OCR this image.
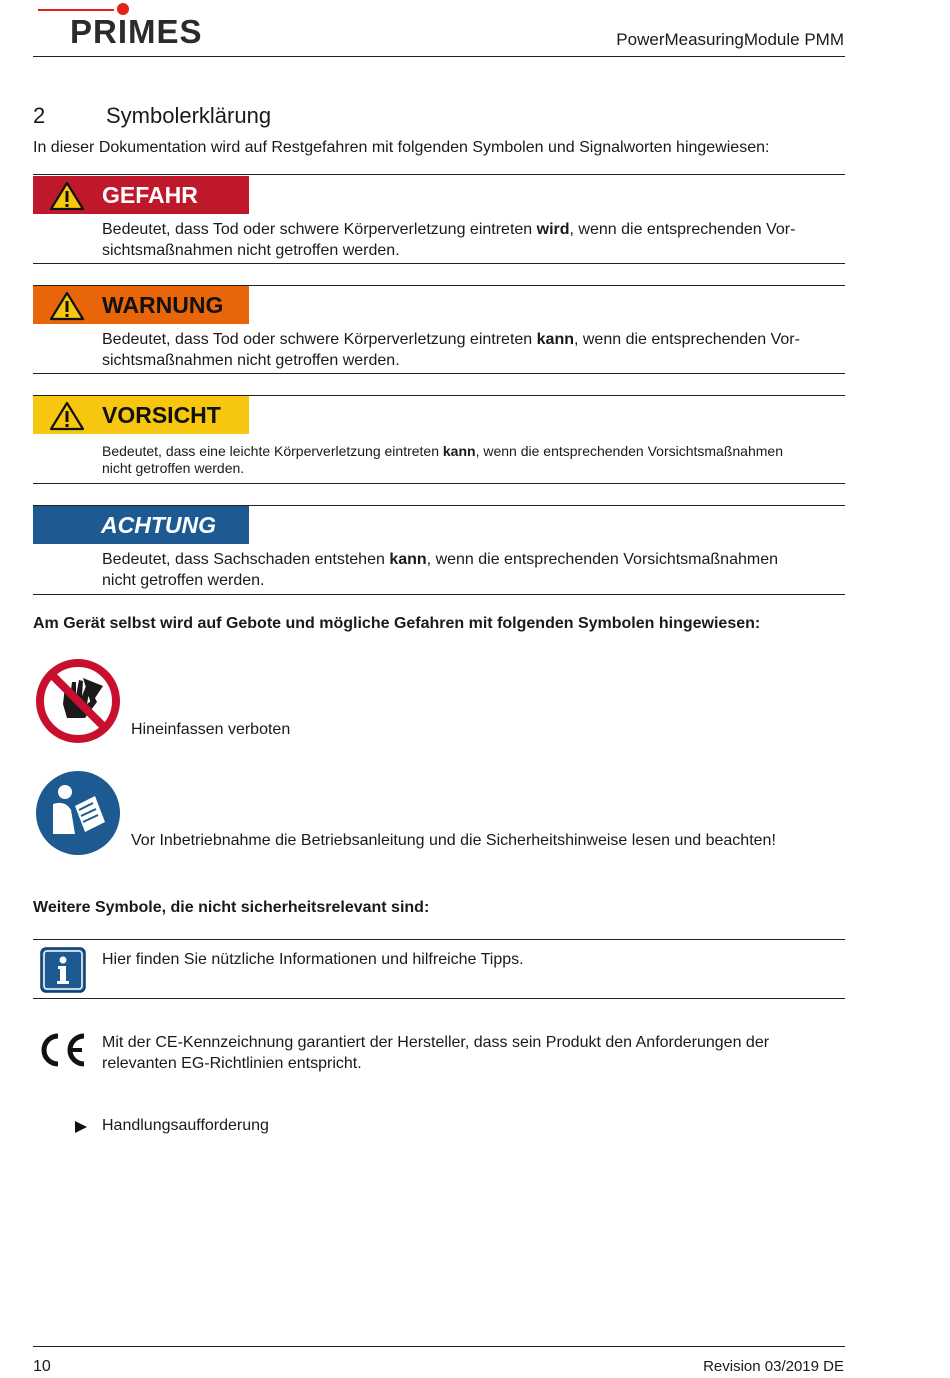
PRIMES	PowerMeasuringModule PMM
2	Symbolerklärung
In dieser Dokumentation wird auf Restgefahren mit folgenden Symbolen und Signalworten hingewiesen:
GEFAHR
Bedeutet, dass Tod oder schwere Körperverletzung eintreten wird, wenn die entsprechenden Vor-
sichtsmaßnahmen nicht getroffen werden.
WARNUNG
Bedeutet, dass Tod oder schwere Körperverletzung eintreten kann, wenn die entsprechenden Vor-
sichtsmaßnahmen nicht getroffen werden.
VORSICHT
Bedeutet, dass eine leichte Körperverletzung eintreten kann, wenn die entsprechenden Vorsichtsmaßnahmen
nicht getroffen werden.
ACHTUNG
Bedeutet, dass Sachschaden entstehen kann, wenn die entsprechenden Vorsichtsmaßnahmen
nicht getroffen werden.
Am Gerät selbst wird auf Gebote und mögliche Gefahren mit folgenden Symbolen hingewiesen:
Hineinfassen verboten
Vor Inbetriebnahme die Betriebsanleitung und die Sicherheitshinweise lesen und beachten!
Weitere Symbole, die nicht sicherheitsrelevant sind:
Hier finden Sie nützliche Informationen und hilfreiche Tipps.
Mit der CE-Kennzeichnung garantiert der Hersteller, dass sein Produkt den Anforderungen der
relevanten EG-Richtlinien entspricht.
Handlungsaufforderung
10	Revision 03/2019 DE
